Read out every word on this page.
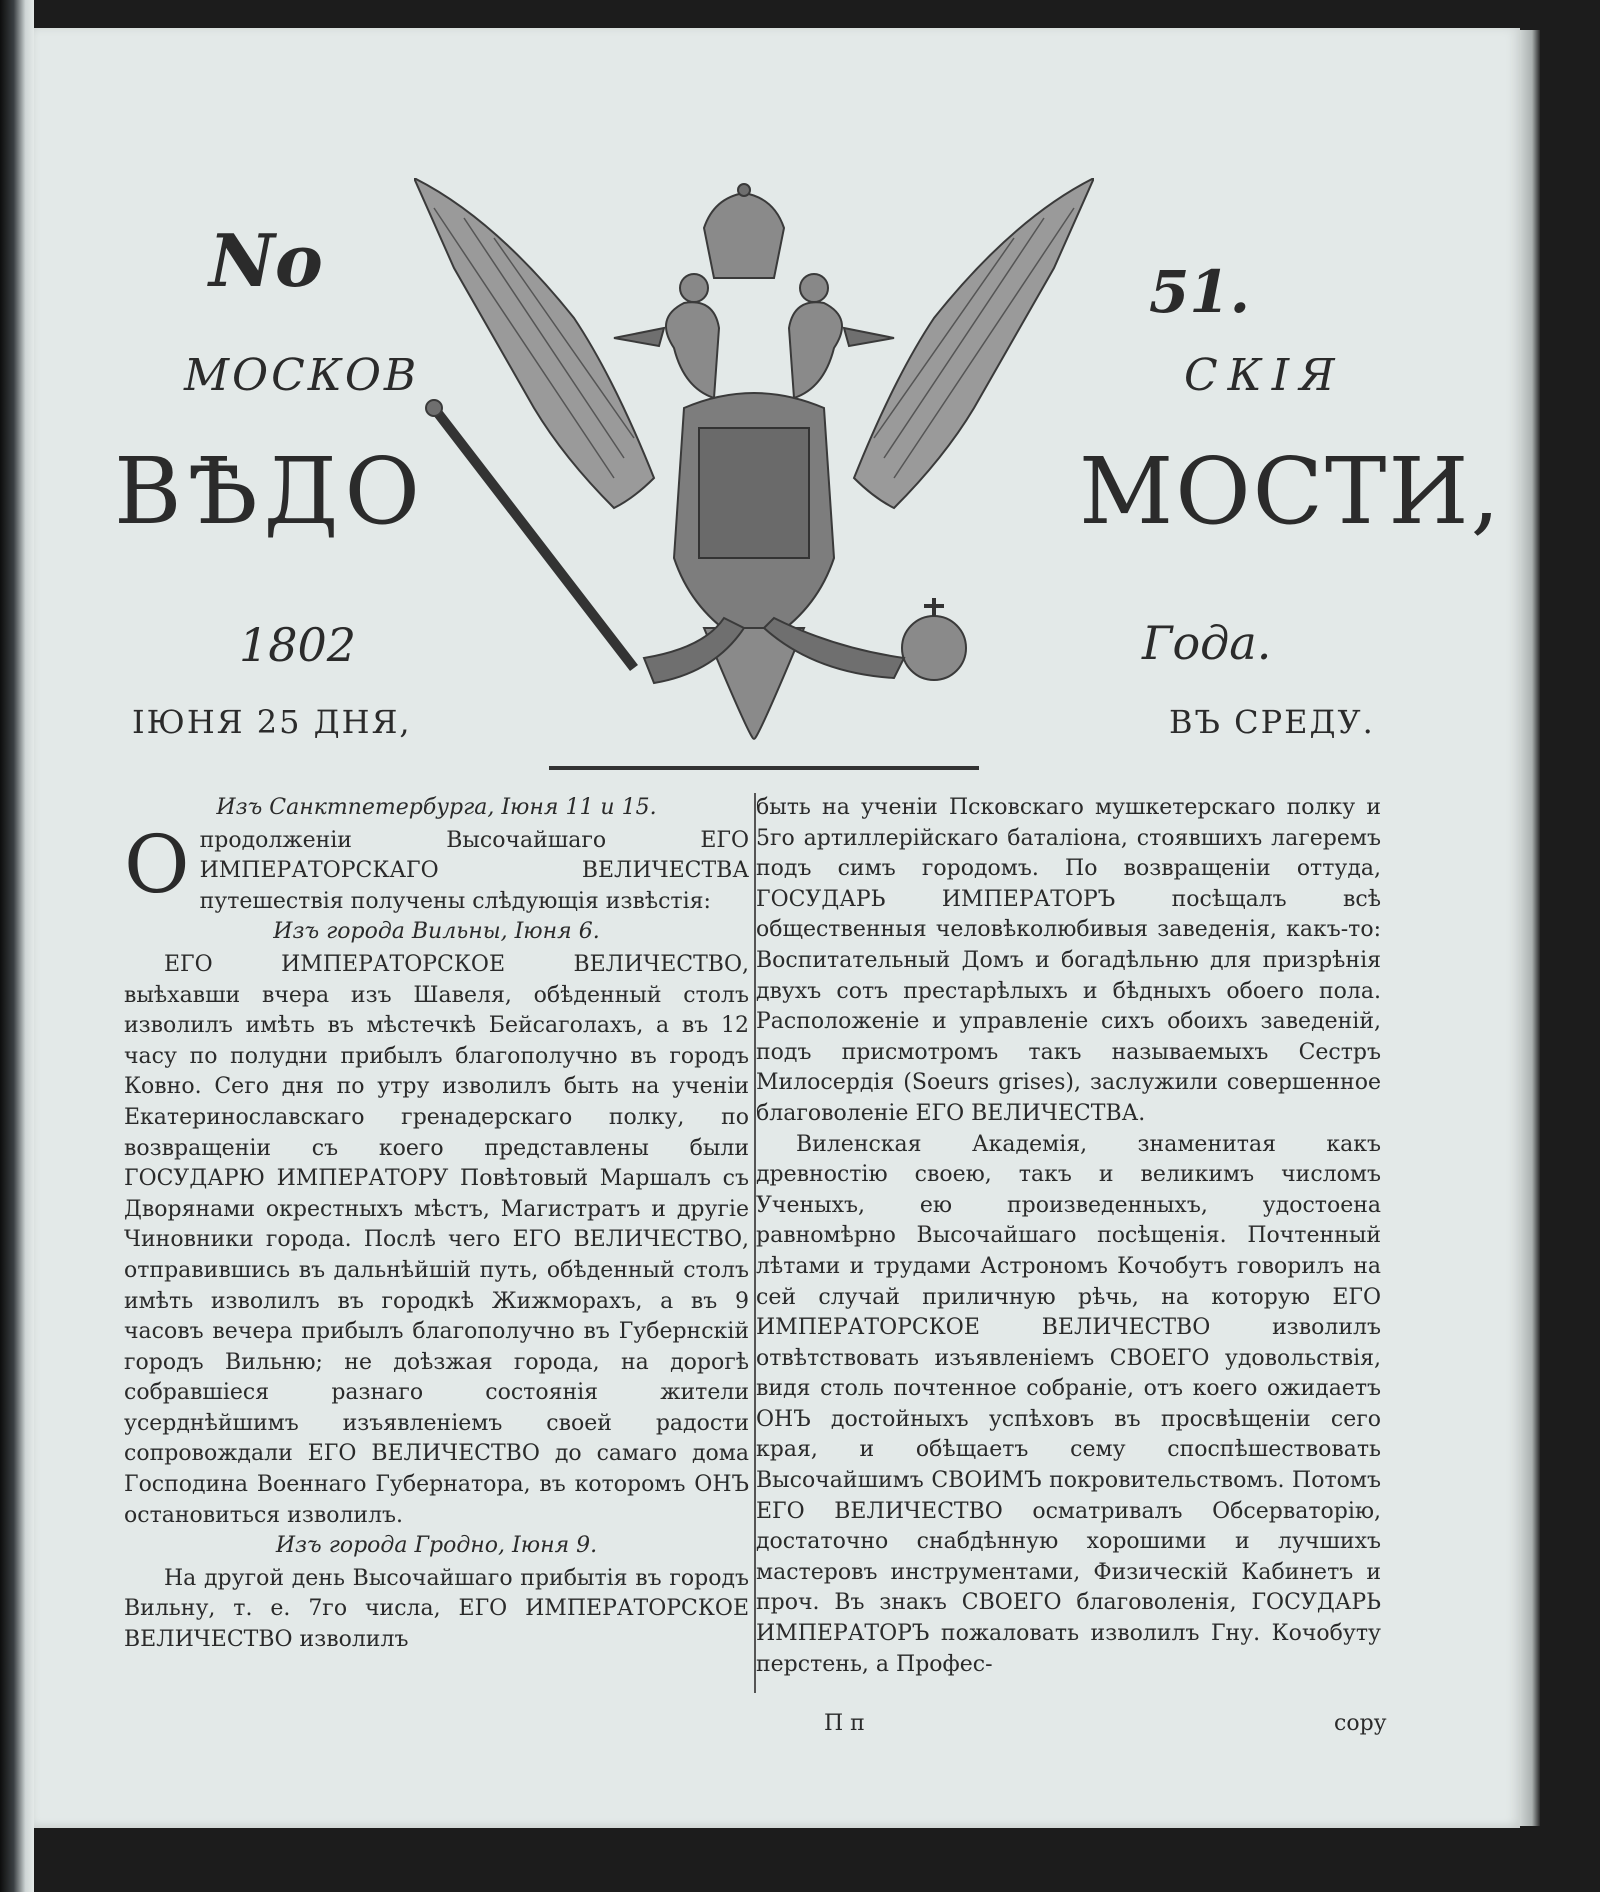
No	51.
МОСКОВ	СКІЯ
ВѢДО	МОСТИ,
1802	Года.
ІЮНЯ 25 ДНЯ,	ВЪ СРЕДУ.

Изъ Санктпетербурга, Іюня 11 и 15.

Опродолженіи Высочайшаго ЕГО ИМПЕРАТОРСКАГО ВЕЛИЧЕСТВА путешествія получены слѣдующія извѣстія:

Изъ города Вильны, Іюня 6.

ЕГО ИМПЕРАТОРСКОЕ ВЕЛИЧЕСТВО, выѣхавши вчера изъ Шавеля, обѣденный столъ изволилъ имѣть въ мѣстечкѣ Бейсаголахъ, а въ 12 часу по полудни прибылъ благополучно въ городъ Ковно. Сего дня по утру изволилъ быть на ученіи Екатеринославскаго гренадерскаго полку, по возвращеніи съ коего представлены были ГОСУДАРЮ ИМПЕРАТОРУ Повѣтовый Маршалъ съ Дворянами окрестныхъ мѣстъ, Магистратъ и другіе Чиновники города. Послѣ чего ЕГО ВЕЛИЧЕСТВО, отправившись въ дальнѣйшій путь, обѣденный столъ имѣть изволилъ въ городкѣ Жижморахъ, а въ 9 часовъ вечера прибылъ благополучно въ Губернскій городъ Вильню; не доѣзжая города, на дорогѣ собравшіеся разнаго состоянія жители усерднѣйшимъ изъявленіемъ своей радости сопровождали ЕГО ВЕЛИЧЕСТВО до самаго дома Господина Военнаго Губернатора, въ которомъ ОНЪ остановиться изволилъ.

Изъ города Гродно, Іюня 9.

На другой день Высочайшаго прибытія въ городъ Вильну, т. е. 7го числа, ЕГО ИМПЕРАТОРСКОЕ ВЕЛИЧЕСТВО изволилъ

быть на ученіи Псковскаго мушкетерскаго полку и 5го артиллерійскаго баталіона, стоявшихъ лагеремъ подъ симъ городомъ. По возвращеніи оттуда, ГОСУДАРЬ ИМПЕРАТОРЪ посѣщалъ всѣ общественныя человѣколюбивыя заведенія, какъ-то: Воспитательный Домъ и богадѣльню для призрѣнія двухъ сотъ престарѣлыхъ и бѣдныхъ обоего пола. Расположеніе и управленіе сихъ обоихъ заведеній, подъ присмотромъ такъ называемыхъ Сестръ Милосердія (Soeurs grises), заслужили совершенное благоволеніе ЕГО ВЕЛИЧЕСТВА.

Виленская Академія, знаменитая какъ древностію своею, такъ и великимъ числомъ Ученыхъ, ею произведенныхъ, удостоена равномѣрно Высочайшаго посѣщенія. Почтенный лѣтами и трудами Астрономъ Кочобутъ говорилъ на сей случай приличную рѣчь, на которую ЕГО ИМПЕРАТОРСКОЕ ВЕЛИЧЕСТВО изволилъ отвѣтствовать изъявленіемъ СВОЕГО удовольствія, видя столь почтенное собраніе, отъ коего ожидаетъ ОНЪ достойныхъ успѣховъ въ просвѣщеніи сего края, и обѣщаетъ сему споспѣшествовать Высочайшимъ СВОИМЪ покровительствомъ. Потомъ ЕГО ВЕЛИЧЕСТВО осматривалъ Обсерваторію, достаточно снабдѣнную хорошими и лучшихъ мастеровъ инструментами, Физическій Кабинетъ и проч. Въ знакъ СВОЕГО благоволенія, ГОСУДАРЬ ИМПЕРАТОРЪ пожаловать изволилъ Гну. Кочобуту перстень, а Профес-

П п	сору
